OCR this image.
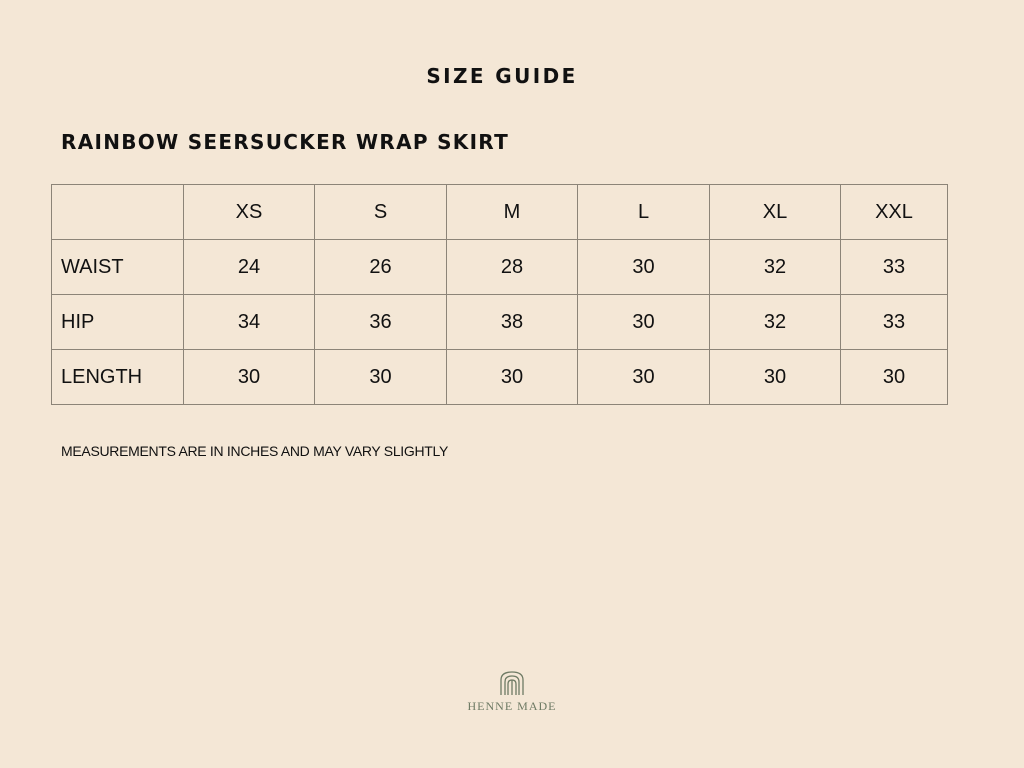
SIZE GUIDE
RAINBOW SEERSUCKER WRAP SKIRT
	XS	S	M	L	XL	XXL
WAIST	24	26	28	30	32	33
HIP	34	36	38	30	32	33
LENGTH	30	30	30	30	30	30

MEASUREMENTS ARE IN INCHES AND MAY VARY SLIGHTLY

HENNE MADE
